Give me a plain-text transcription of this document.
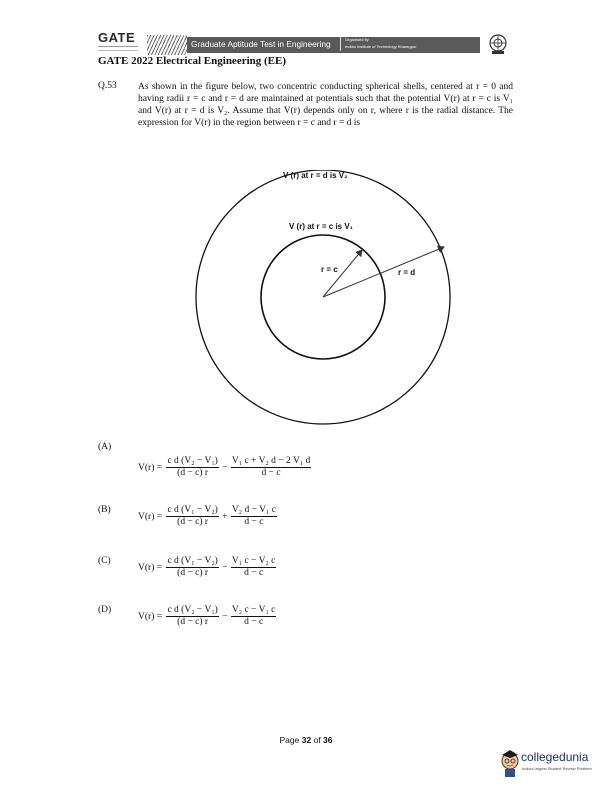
GATE	Graduate Aptitude Test in Engineering	Organised by
Indian Institute of Technology Kharagpur
GATE 2022 Electrical Engineering (EE)
Q.53 As shown in the figure below, two concentric conducting spherical shells, centered at r = 0 and having radii r = c and r = d are maintained at potentials such that the potential V(r) at r = c is V₁ and V(r) at r = d is V₂. Assume that V(r) depends only on r, where r is the radial distance. The expression for V(r) in the region between r = c and r = d is
V (r) at r = d is V₂
V (r) at r = c is V₁
r = c	r = d
(A)
$V(r) = \frac{\text{c d (V₂ − V₁)}}{(d - c) r} - \frac{\text{V₁ c + V₂ d − 2 V₁ d}}{d - c}$
(B)
$V(r) = \frac{\text{c d (V₁ − V₂)}}{(d - c) r} + \frac{\text{V₂ d − V₁ c}}{d - c}$
(C)
$V(r) = \frac{\text{c d (V₁ − V₂)}}{(d - c) r} - \frac{\text{V₁ c − V₂ c}}{d - c}$
(D)
$V(r) = \frac{\text{c d (V₂ − V₁)}}{(d - c) r} - \frac{\text{V₂ c − V₁ c}}{d - c}$
Page 32 of 36
collegedunia
India's largest Student Review Platform
